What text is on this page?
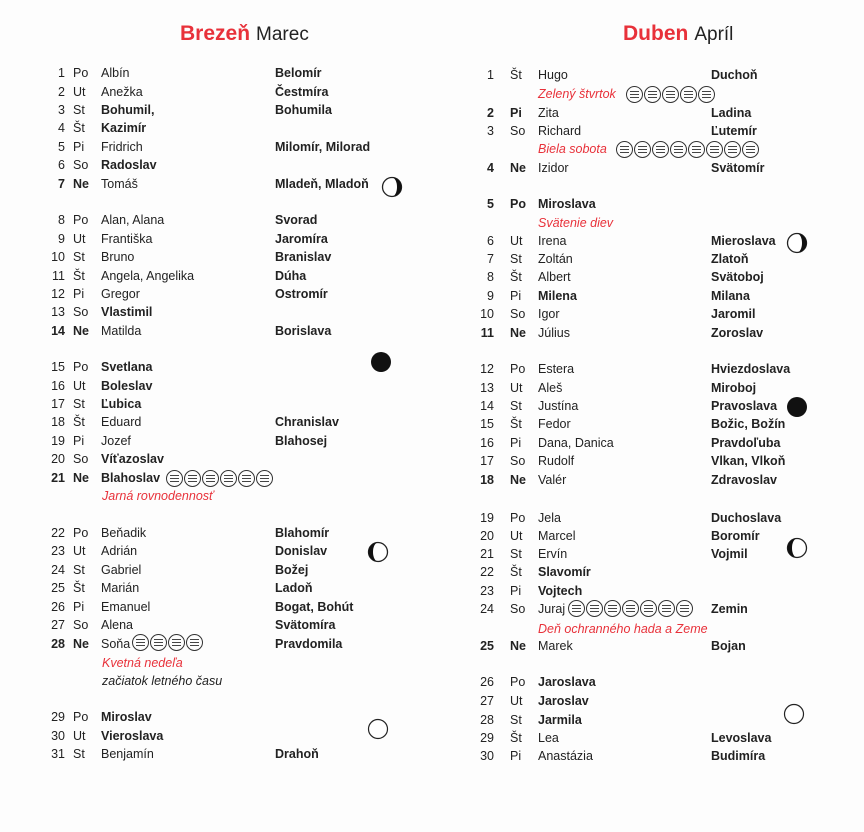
Brezeň Marec	Duben Apríl
1 Po Albín	Belomír
2 Ut Anežka	Čestmíra
3 St Bohumil,	Bohumila
4 Št Kazimír
5 Pi Fridrich	Milomír, Milorad
6 So Radoslav
7 Ne Tomáš	Mladeň, Mladoň
8 Po Alan, Alana	Svorad
9 Ut Františka	Jaromíra
10 St Bruno	Branislav
11 Št Angela, Angelika	Dúha
12 Pi Gregor	Ostromír
13 So Vlastimil
14 Ne Matilda	Borislava
15 Po Svetlana
16 Ut Boleslav
17 St Ľubica
18 Št Eduard	Chranislav
19 Pi Jozef	Blahosej
20 So Víťazoslav
21 Ne Blahoslav
22 Po Beňadik	Blahomír
23 Ut Adrián	Donislav
24 St Gabriel	Božej
25 Št Marián	Ladoň
26 Pi Emanuel	Bogat, Bohút
27 So Alena	Svätomíra
28 Ne Soňa	Pravdomila
29 Po Miroslav
30 Ut Vieroslava
31 St Benjamín	Drahoň
1 Št Hugo	Duchoň
2 Pi Zita	Ladina
3 So Richard	Ľutemír
4 Ne Izidor	Svätomír
5 Po Miroslava
6 Ut Irena	Mieroslava
7 St Zoltán	Zlatoň
8 Št Albert	Svätoboj
9 Pi Milena	Milana
10 So Igor	Jaromil
11 Ne Július	Zoroslav
12 Po Estera	Hviezdoslava
13 Ut Aleš	Miroboj
14 St Justína	Pravoslava
15 Št Fedor	Božic, Božín
16 Pi Dana, Danica	Pravdoľuba
17 So Rudolf	Vlkan, Vlkoň
18 Ne Valér	Zdravoslav
19 Po Jela	Duchoslava
20 Ut Marcel	Boromír
21 St Ervín	Vojmil
22 Št Slavomír
23 Pi Vojtech
24 So Juraj	Zemin
25 Ne Marek	Bojan
26 Po Jaroslava
27 Ut Jaroslav
28 St Jarmila
29 Št Lea	Levoslava
30 Pi Anastázia	Budimíra
Jarná rovnodennosť
Kvetná nedeľa
začiatok letného času
Zelený štvrtok
Biela sobota
Svätenie diev
Deň ochranného hada a Zeme
